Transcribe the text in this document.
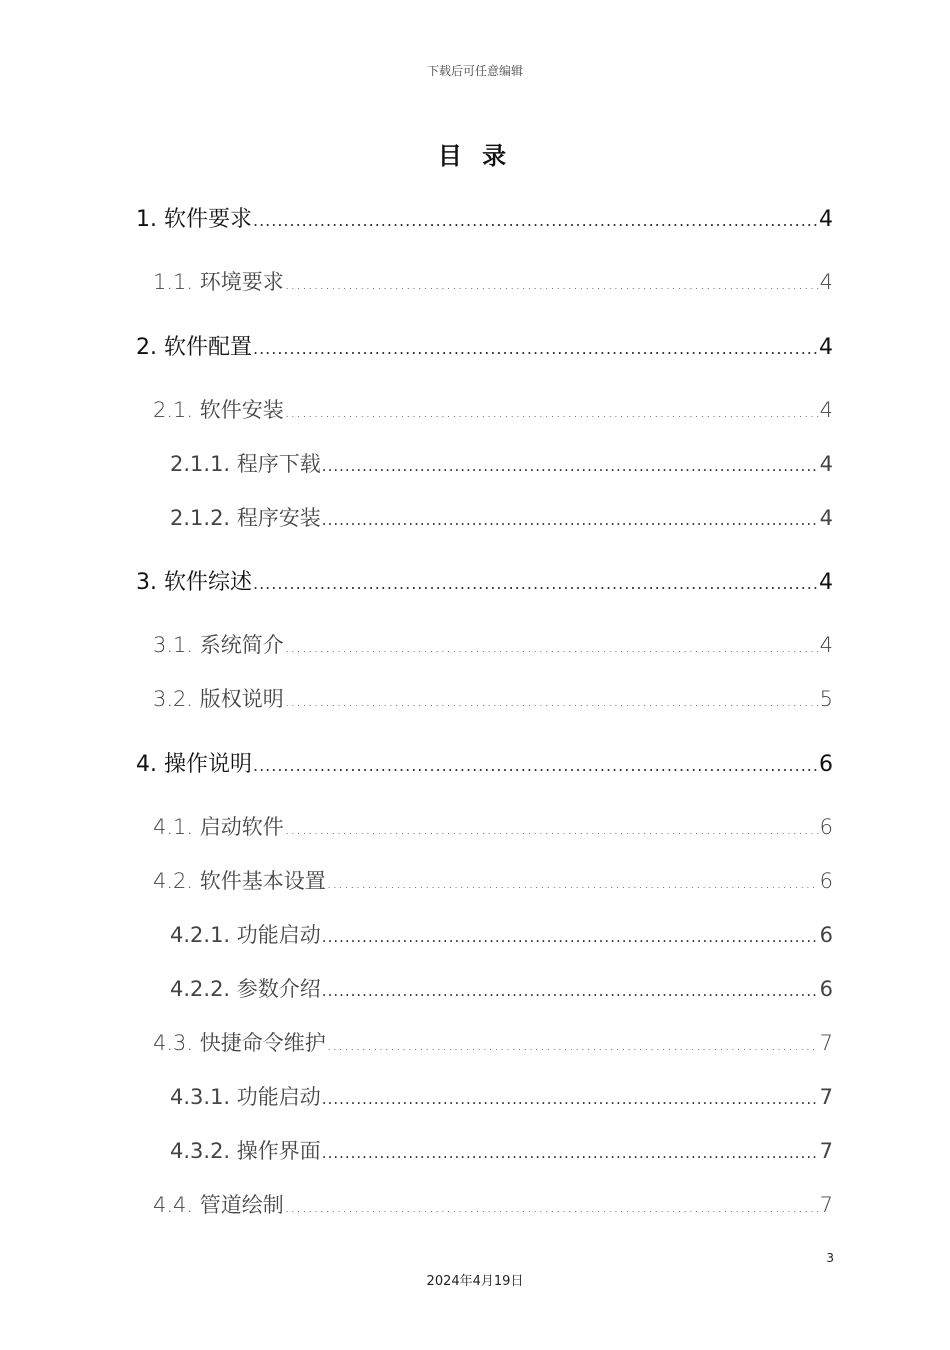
下载后可任意编辑
目 录
1. 软件要求 .....	4
1.1. 环境要求 .....	4
2. 软件配置 .....	4
2.1. 软件安装 .....	4
2.1.1. 程序下载 .....	4
2.1.2. 程序安装 .....	4
3. 软件综述 .....	4
3.1. 系统简介 .....	4
3.2. 版权说明 .....	5
4. 操作说明 .....	6
4.1. 启动软件 .....	6
4.2. 软件基本设置 .....	6
4.2.1. 功能启动 .....	6
4.2.2. 参数介绍 .....	6
4.3. 快捷命令维护 .....	7
4.3.1. 功能启动 .....	7
4.3.2. 操作界面 .....	7
4.4. 管道绘制 .....	7
3
2024年4月19日
